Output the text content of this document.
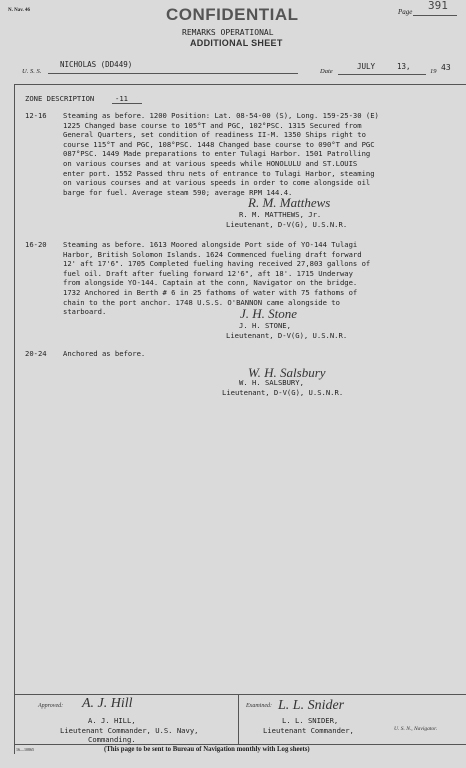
N. Nav. 46	CONFIDENTIAL	Page 391
REMARKS OPERATIONAL
ADDITIONAL SHEET
U. S. S.
NICHOLAS (DD449)
Date
JULY	13,
19 43
ZONE DESCRIPTION	-11
12-16 Steaming as before. 1200 Position: Lat. 08-54-00 (S), Long. 159-25-30 (E)
1225 Changed base course to 105°T and PGC, 102°PSC. 1315 Secured from
General Quarters, set condition of readiness II-M. 1350 Ships right to
course 115°T and PGC, 108°PSC. 1448 Changed base course to 090°T and PGC
087°PSC. 1449 Made preparations to enter Tulagi Harbor. 1501 Patrolling
on various courses and at various speeds while HONOLULU and ST.LOUIS
enter port. 1552 Passed thru nets of entrance to Tulagi Harbor, steaming
on various courses and at various speeds in order to come alongside oil
barge for fuel. Average steam 590; average RPM 144.4.
R. M. Matthews
R. M. MATTHEWS, Jr.
Lieutenant, D-V(G), U.S.N.R.
16-20 Steaming as before. 1613 Moored alongside Port side of YO-144 Tulagi
Harbor, British Solomon Islands. 1624 Commenced fueling draft forward
12' aft 17'6". 1705 Completed fueling having received 27,803 gallons of
fuel oil. Draft after fueling forward 12'6", aft 18'. 1715 Underway
from alongside YO-144. Captain at the conn, Navigator on the bridge.
1732 Anchored in Berth # 6 in 25 fathoms of water with 75 fathoms of
chain to the port anchor. 1748 U.S.S. O'BANNON came alongside to
starboard.	J. H. Stone
J. H. STONE,
Lieutenant, D-V(G), U.S.N.R.
20-24 Anchored as before.
W. H. Salsbury
W. H. SALSBURY,
Lieutenant, D-V(G), U.S.N.R.
Approved: A. J. Hill
A. J. HILL,
Lieutenant Commander, U.S. Navy,
Commanding.
Examined: L. L. Snider
L. L. SNIDER,
Lieutenant Commander,	U. S. N., Navigator.
16—10865	(This page to be sent to Bureau of Navigation monthly with Log sheets)
